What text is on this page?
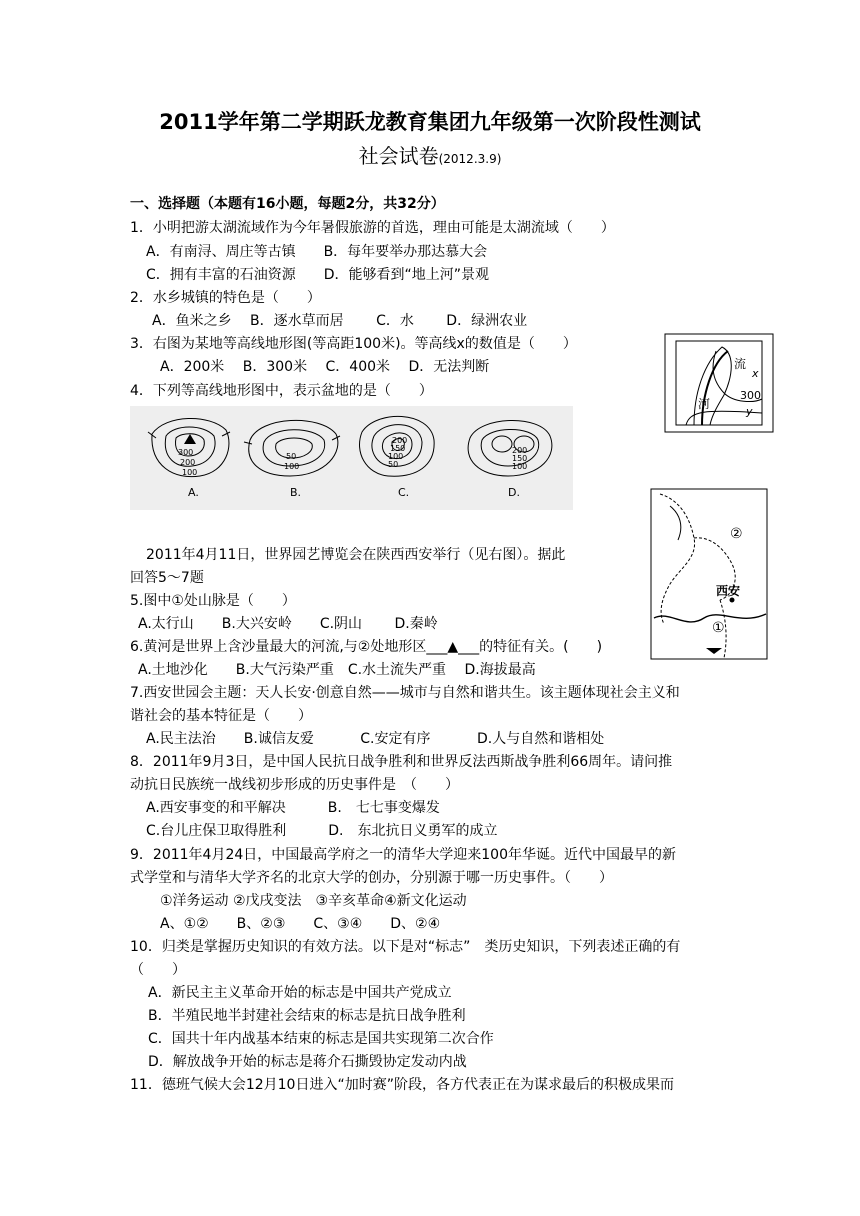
2011学年第二学期跃龙教育集团九年级第一次阶段性测试
社会试卷(2012.3.9)
一、选择题（本题有16小题，每题2分，共32分）
1．小明把游太湖流域作为今年暑假旅游的首选，理由可能是太湖流域（　　）
A．有南浔、周庄等古镇　　B．每年要举办那达慕大会
C．拥有丰富的石油资源　　D．能够看到“地上河”景观
2．水乡城镇的特色是（　　）
A．鱼米之乡　 B．逐水草而居　　 C．水　　 D．绿洲农业
3．右图为某地等高线地形图(等高距100米)。等高线x的数值是（　　）
A．200米　 B．300米　 C．400米　 D．无法判断
4．下列等高线地形图中，表示盆地的是（　　）
2011年4月11日，世界园艺博览会在陕西西安举行（见右图）。据此
回答5～7题
5.图中①处山脉是（　　）
A.太行山　　B.大兴安岭　　C.阴山　　 D.秦岭
6.黄河是世界上含沙量最大的河流,与②处地形区___▲___的特征有关。(　　)
A.土地沙化　　B.大气污染严重　C.水土流失严重　 D.海拔最高
7.西安世园会主题：天人长安·创意自然——城市与自然和谐共生。该主题体现社会主义和
谐社会的基本特征是（　　）
A.民主法治　　B.诚信友爱　　　 C.安定有序　　　 D.人与自然和谐相处
8．2011年9月3日，是中国人民抗日战争胜利和世界反法西斯战争胜利66周年。请问推
动抗日民族统一战线初步形成的历史事件是　（　　）
A.西安事变的和平解决　　　B.　七七事变爆发
C.台儿庄保卫取得胜利　　　D.　东北抗日义勇军的成立
9．2011年4月24日，中国最高学府之一的清华大学迎来100年华诞。近代中国最早的新
式学堂和与清华大学齐名的北京大学的创办，分别源于哪一历史事件。（　　）
①洋务运动 ②戊戌变法　③辛亥革命④新文化运动
A、①②　　B、②③　　C、③④　　D、②④
10．归类是掌握历史知识的有效方法。以下是对“标志”　类历史知识，下列表述正确的有
（　　）
A．新民主主义革命开始的标志是中国共产党成立
B．半殖民地半封建社会结束的标志是抗日战争胜利
C．国共十年内战基本结束的标志是国共实现第二次合作
D．解放战争开始的标志是蒋介石撕毁协定发动内战
11．德班气候大会12月10日进入“加时赛”阶段，各方代表正在为谋求最后的积极成果而
流
x
河
300
y
300
200
100
50
100
200
150
100
50
200
150
100
A.	B.	C.	D.
②
西安
①
